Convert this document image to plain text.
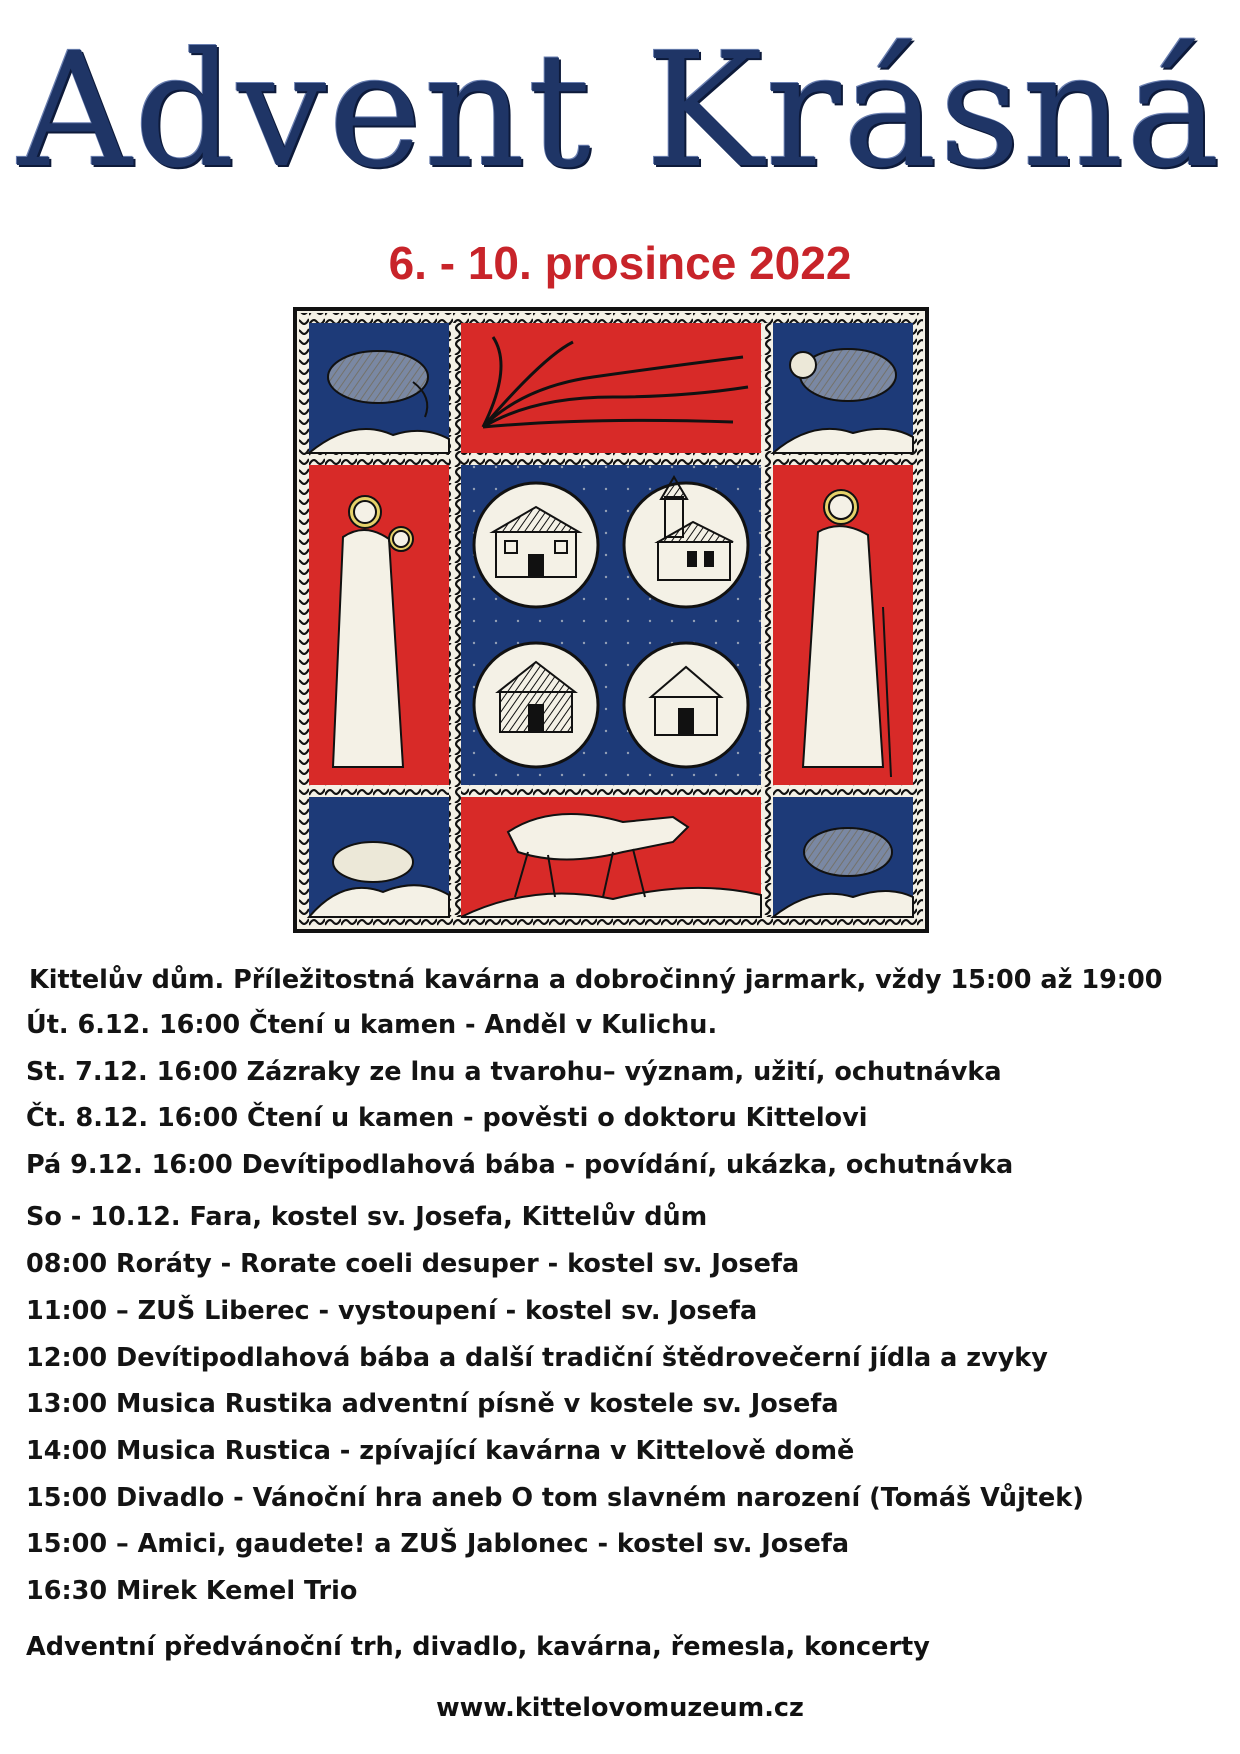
Advent Krásná
6. - 10. prosince 2022
Kittelův dům. Příležitostná kavárna a dobročinný jarmark, vždy 15:00 až 19:00
Út. 6.12. 16:00 Čtení u kamen - Anděl v Kulichu.
St. 7.12. 16:00 Zázraky ze lnu a tvarohu– význam, užití, ochutnávka
Čt. 8.12. 16:00 Čtení u kamen - pověsti o doktoru Kittelovi
Pá 9.12. 16:00 Devítipodlahová bába - povídání, ukázka, ochutnávka
So - 10.12. Fara, kostel sv. Josefa, Kittelův dům
08:00 Roráty - Rorate coeli desuper - kostel sv. Josefa
11:00 – ZUŠ Liberec - vystoupení - kostel sv. Josefa
12:00 Devítipodlahová bába a další tradiční štědrovečerní jídla a zvyky
13:00 Musica Rustika adventní písně v kostele sv. Josefa
14:00 Musica Rustica - zpívající kavárna v Kittelově domě
15:00 Divadlo - Vánoční hra aneb O tom slavném narození (Tomáš Vůjtek)
15:00 – Amici, gaudete! a ZUŠ Jablonec - kostel sv. Josefa
16:30 Mirek Kemel Trio
Adventní předvánoční trh, divadlo, kavárna, řemesla, koncerty
www.kittelovomuzeum.cz
